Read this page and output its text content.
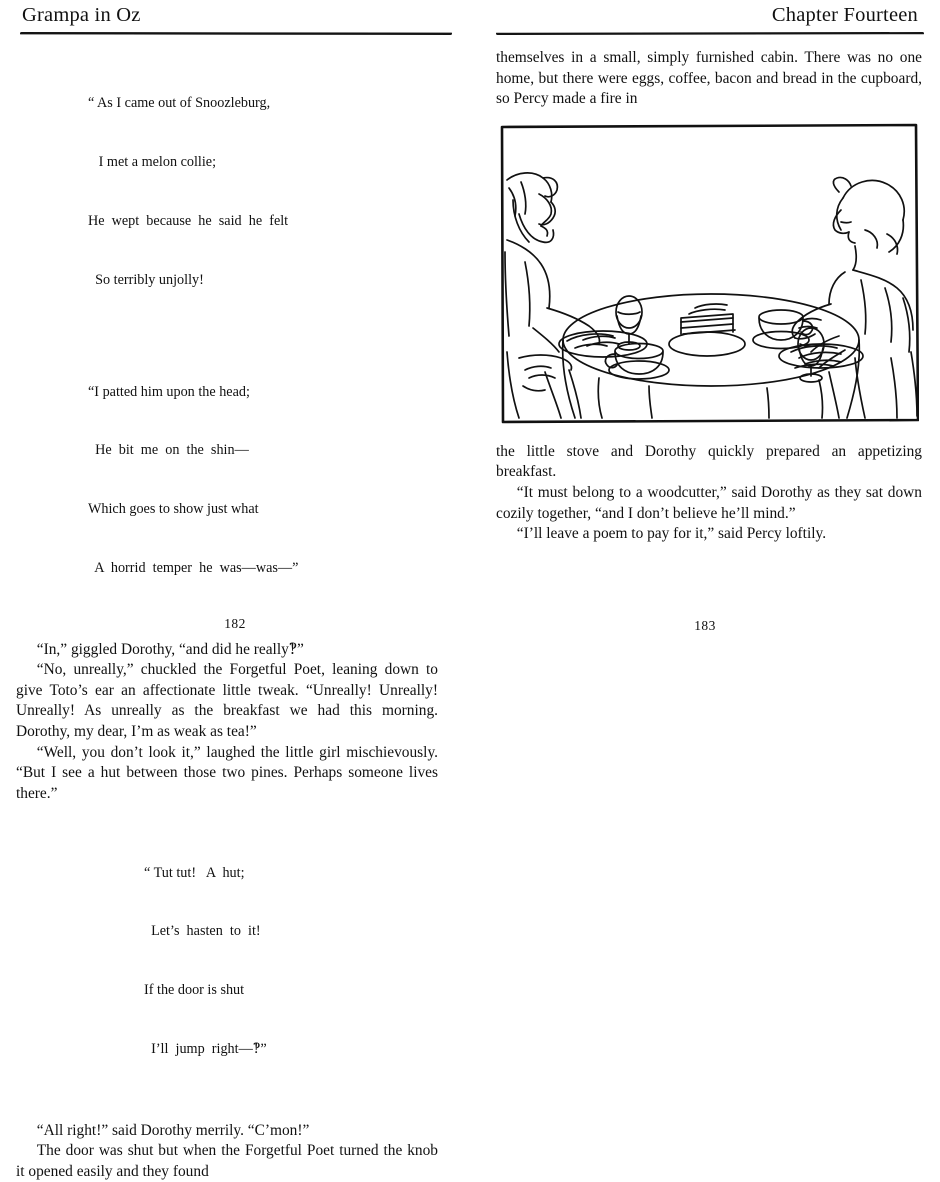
Grampa in Oz

“ As I came out of Snoozleburg,

I met a melon collie;

He  wept  because  he  said  he  felt

So terribly unjolly!

“I patted him upon the head;

He  bit  me  on  the  shin—

Which goes to show just what

A  horrid  temper  he  was—was—”

“In,” giggled Dorothy, “and did he really‽”

“No, unreally,” chuckled the Forgetful Poet, leaning down to give Toto’s ear an affectionate little tweak. “Unreally! Unreally! Unreally! As unreally as the breakfast we had this morning. Dorothy, my dear, I’m as weak as tea!”

“Well, you don’t look it,” laughed the little girl mischievously. “But I see a hut between those two pines. Perhaps someone lives there.”

“ Tut tut!   A  hut;

Let’s  hasten  to  it!

If the door is shut

I’ll  jump  right—‽”

“All right!” said Dorothy merrily. “C’mon!”

The door was shut but when the Forgetful Poet turned the knob it opened easily and they found

182
Chapter Fourteen

themselves in a small, simply furnished cabin. There was no one home, but there were eggs, coffee, bacon and bread in the cupboard, so Percy made a fire in

the little stove and Dorothy quickly prepared an appetizing breakfast.

“It must belong to a woodcutter,” said Dorothy as they sat down cozily together, “and I don’t believe he’ll mind.”

“I’ll leave a poem to pay for it,” said Percy loftily.

183
